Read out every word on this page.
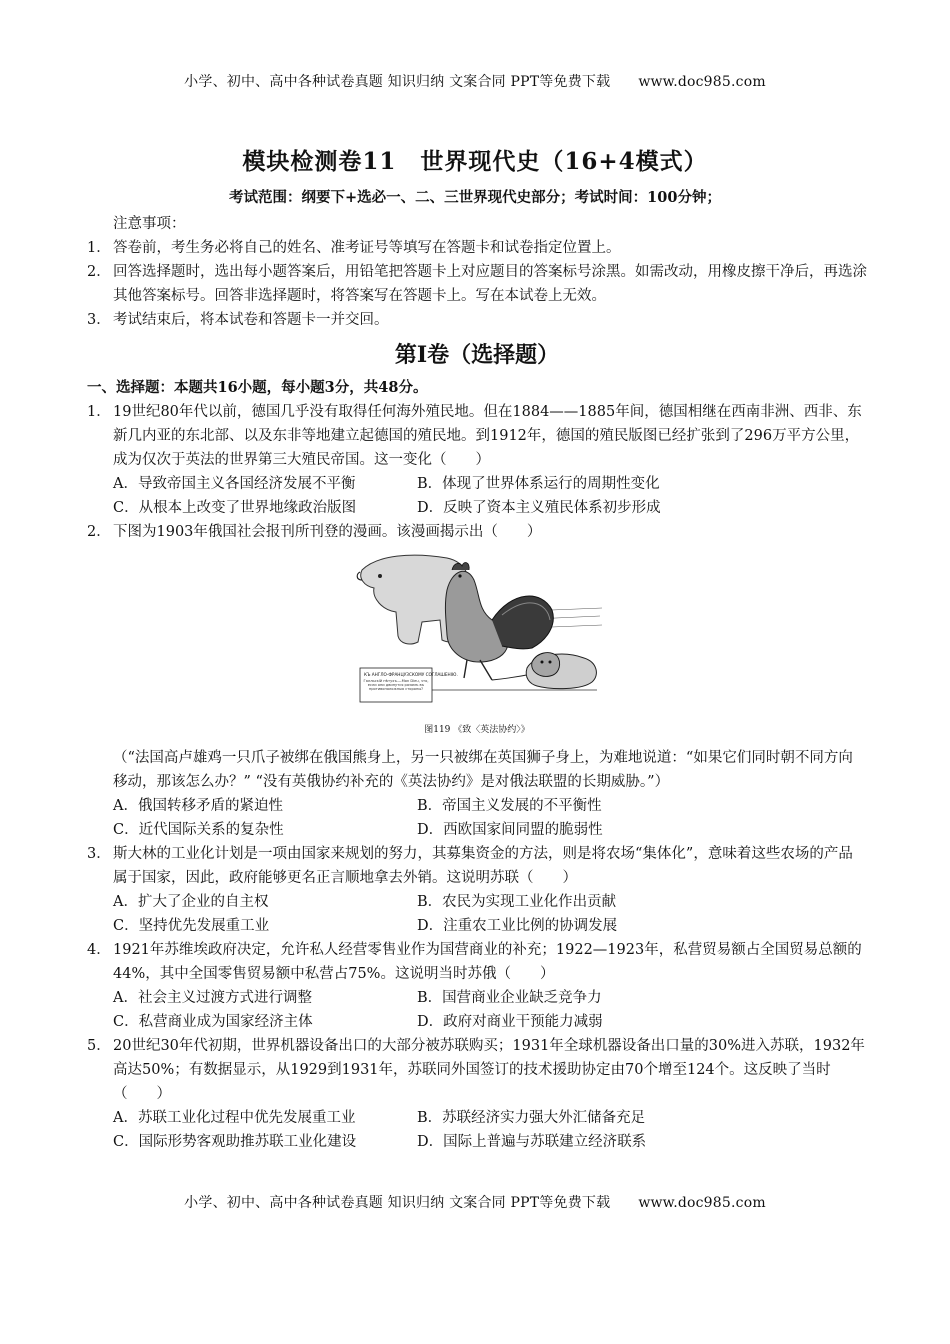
小学、初中、高中各种试卷真题 知识归纳 文案合同 PPT等免费下载 www.doc985.com
模块检测卷11　世界现代史（16+4模式）
考试范围：纲要下+选必一、二、三世界现代史部分；考试时间：100分钟；
注意事项：
1． 答卷前，考生务必将自己的姓名、准考证号等填写在答题卡和试卷指定位置上。
2． 回答选择题时，选出每小题答案后，用铅笔把答题卡上对应题目的答案标号涂黑。如需改动，用橡皮擦干净后，再选涂其他答案标号。回答非选择题时，将答案写在答题卡上。写在本试卷上无效。
3． 考试结束后，将本试卷和答题卡一并交回。
第I卷（选择题）
一、选择题：本题共16小题，每小题3分，共48分。
1． 19世纪80年代以前，德国几乎没有取得任何海外殖民地。但在1884——1885年间，德国相继在西南非洲、西非、东新几内亚的东北部、以及东非等地建立起德国的殖民地。到1912年，德国的殖民版图已经扩张到了296万平方公里，成为仅次于英法的世界第三大殖民帝国。这一变化（　　）
A．导致帝国主义各国经济发展不平衡	B．体现了世界体系运行的周期性变化
C．从根本上改变了世界地缘政治版图	D．反映了资本主义殖民体系初步形成
2． 下图为1903年俄国社会报刊所刊登的漫画。该漫画揭示出（　　）
КЪ АНГЛО-ФРАНЦУЗСКОМУ СОГЛАШЕНІЮ.
Галльскій пѣтухъ.—Mon Dieu, что, если они двинутся разомъ въ противоположныя стороны?
图119 《致〈英法协约〉》
（“法国高卢雄鸡一只爪子被绑在俄国熊身上，另一只被绑在英国狮子身上，为难地说道：“如果它们同时朝不同方向移动，那该怎么办？” “没有英俄协约补充的《英法协约》是对俄法联盟的长期威胁。”）
A．俄国转移矛盾的紧迫性	B．帝国主义发展的不平衡性
C．近代国际关系的复杂性	D．西欧国家间同盟的脆弱性
3． 斯大林的工业化计划是一项由国家来规划的努力，其募集资金的方法，则是将农场“集体化”，意味着这些农场的产品属于国家，因此，政府能够更名正言顺地拿去外销。这说明苏联（　　）
A．扩大了企业的自主权	B．农民为实现工业化作出贡献
C．坚持优先发展重工业	D．注重农工业比例的协调发展
4． 1921年苏维埃政府决定，允许私人经营零售业作为国营商业的补充；1922—1923年，私营贸易额占全国贸易总额的44%，其中全国零售贸易额中私营占75%。这说明当时苏俄（　　）
A．社会主义过渡方式进行调整	B．国营商业企业缺乏竞争力
C．私营商业成为国家经济主体	D．政府对商业干预能力减弱
5． 20世纪30年代初期，世界机器设备出口的大部分被苏联购买；1931年全球机器设备出口量的30%进入苏联，1932年高达50%；有数据显示，从1929到1931年，苏联同外国签订的技术援助协定由70个增至124个。这反映了当时（　　）
A．苏联工业化过程中优先发展重工业	B．苏联经济实力强大外汇储备充足
C．国际形势客观助推苏联工业化建设	D．国际上普遍与苏联建立经济联系
小学、初中、高中各种试卷真题 知识归纳 文案合同 PPT等免费下载 www.doc985.com
